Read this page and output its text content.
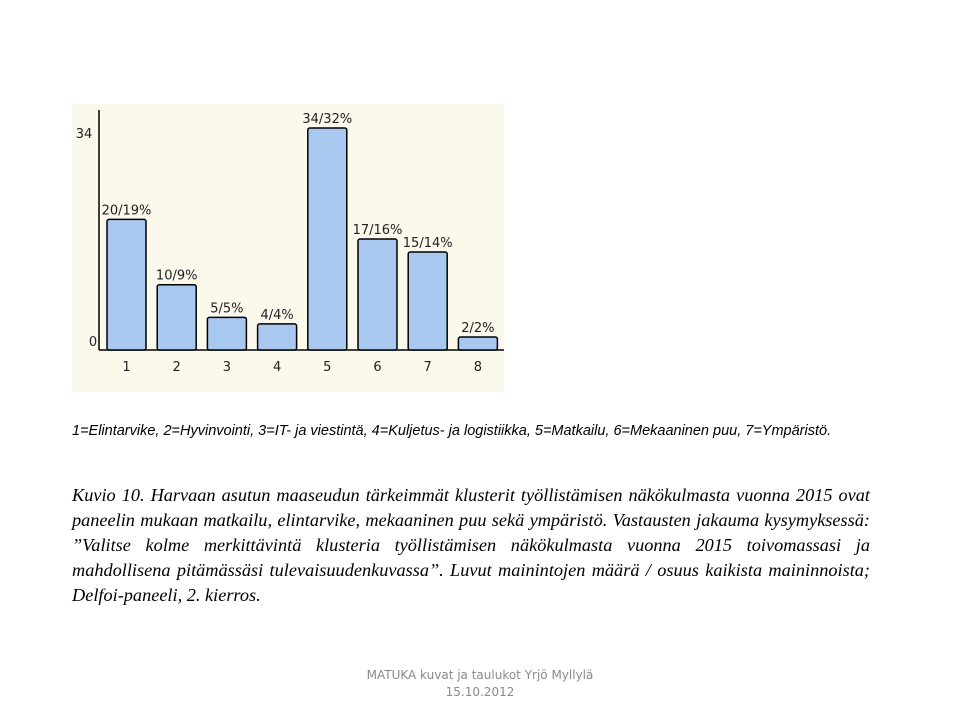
34
0
20/19%
1
10/9%
2
5/5%
3
4/4%
4
34/32%
5
17/16%
6
15/14%
7
2/2%
8
1=Elintarvike, 2=Hyvinvointi, 3=IT- ja viestintä, 4=Kuljetus- ja logistiikka, 5=Matkailu, 6=Mekaaninen puu, 7=Ympäristö.
Kuvio 10. Harvaan asutun maaseudun tärkeimmät klusterit työllistämisen näkökulmasta vuonna 2015 ovat paneelin mukaan matkailu, elintarvike, mekaaninen puu sekä ympäristö. Vastausten jakauma kysymyksessä: ”Valitse kolme merkittävintä klusteria työllistämisen näkökulmasta vuonna 2015 toivomassasi ja mahdollisena pitämässäsi tulevaisuudenkuvassa”. Luvut mainintojen määrä / osuus kaikista maininnoista; Delfoi-paneeli, 2. kierros.
MATUKA kuvat ja taulukot Yrjö Myllylä
15.10.2012
